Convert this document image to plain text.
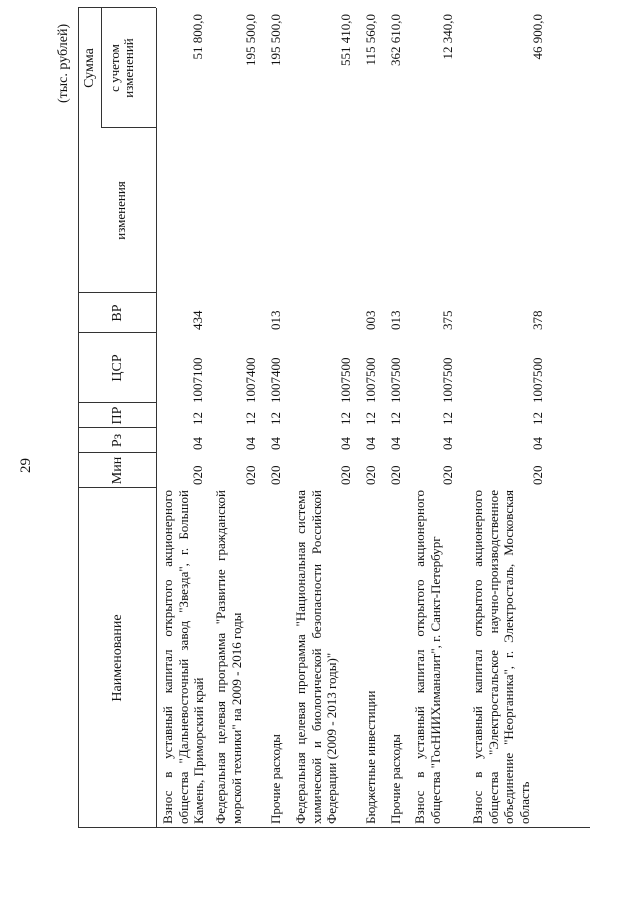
29
(тыс. рублей)
Наименование
Мин
Рз
ПР
ЦСР
ВР
Сумма
изменения
с учетом изменений
Взнос в уставный капитал открытого акционерного общества "Дальневосточный завод "Звезда", г. Большой Камень, Приморский край
020
04
12
1007100
434
51 800,0
Федеральная целевая программа "Развитие гражданской морской техники" на 2009 - 2016 годы
020
04
12
1007400
195 500,0
Прочие расходы
020
04
12
1007400
013
195 500,0
Федеральная целевая программа "Национальная система химической и биологической безопасности Российской Федерации (2009 - 2013 годы)"
020
04
12
1007500
551 410,0
Бюджетные инвестиции
020
04
12
1007500
003
115 560,0
Прочие расходы
020
04
12
1007500
013
362 610,0
Взнос в уставный капитал открытого акционерного общества "ГосНИИХиманалит", г. Санкт-Петербург
020
04
12
1007500
375
12 340,0
Взнос в уставный капитал открытого акционерного общества "Электростальское научно-производственное объединение "Неорганика", г. Электросталь, Московская область
020
04
12
1007500
378
46 900,0
